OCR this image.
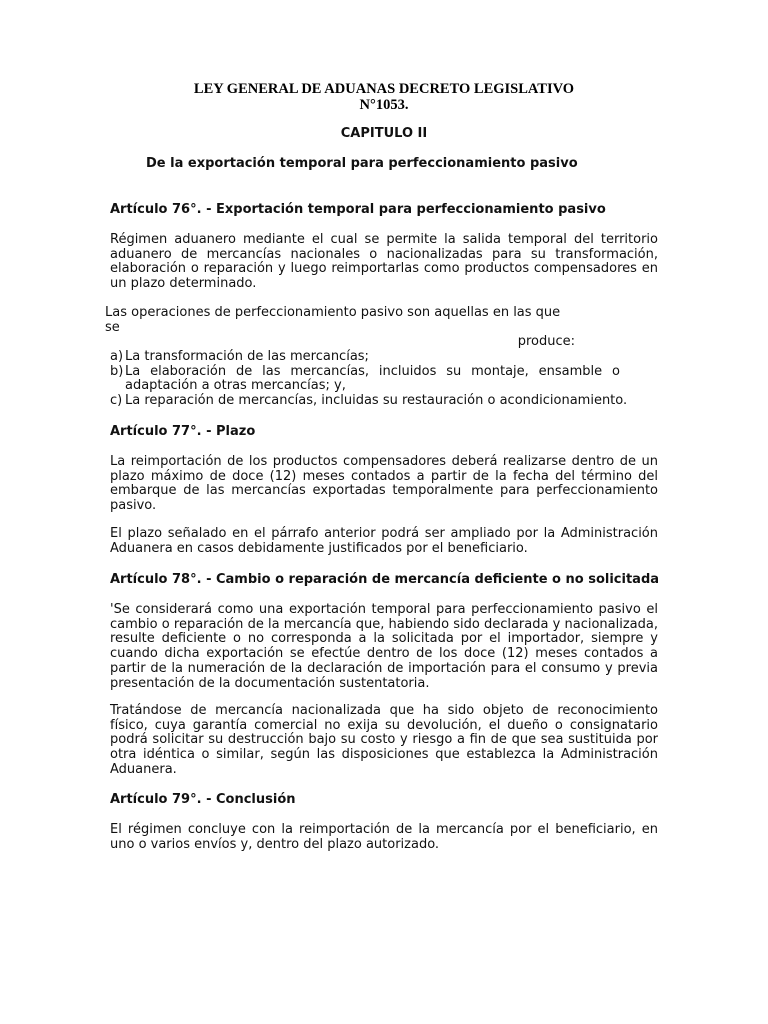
LEY GENERAL DE ADUANAS DECRETO LEGISLATIVO
N°1053.
CAPITULO II
De la exportación temporal para perfeccionamiento pasivo
Artículo 76°. - Exportación temporal para perfeccionamiento pasivo
Régimen aduanero mediante el cual se permite la salida temporal del territorio aduanero de mercancías nacionales o nacionalizadas para su transformación, elaboración o reparación y luego reimportarlas como productos compensadores en un plazo determinado.
Las operaciones de perfeccionamiento pasivo son aquellas en las que se
produce:
a) La transformación de las mercancías;
b) La elaboración de las mercancías, incluidos su montaje, ensamble o adaptación a otras mercancías; y,
c) La reparación de mercancías, incluidas su restauración o acondicionamiento.
Artículo 77°. - Plazo
La reimportación de los productos compensadores deberá realizarse dentro de un plazo máximo de doce (12) meses contados a partir de la fecha del término del embarque de las mercancías exportadas temporalmente para perfeccionamiento pasivo.
El plazo señalado en el párrafo anterior podrá ser ampliado por la Administración Aduanera en casos debidamente justificados por el beneficiario.
Artículo 78°. - Cambio o reparación de mercancía deficiente o no solicitada
'Se considerará como una exportación temporal para perfeccionamiento pasivo el cambio o reparación de la mercancía que, habiendo sido declarada y nacionalizada, resulte deficiente o no corresponda a la solicitada por el importador, siempre y cuando dicha exportación se efectúe dentro de los doce (12) meses contados a partir de la numeración de la declaración de importación para el consumo y previa presentación de la documentación sustentatoria.
Tratándose de mercancía nacionalizada que ha sido objeto de reconocimiento físico, cuya garantía comercial no exija su devolución, el dueño o consignatario podrá solicitar su destrucción bajo su costo y riesgo a fin de que sea sustituida por otra idéntica o similar, según las disposiciones que establezca la Administración Aduanera.
Artículo 79°. - Conclusión
El régimen concluye con la reimportación de la mercancía por el beneficiario, en uno o varios envíos y, dentro del plazo autorizado.
